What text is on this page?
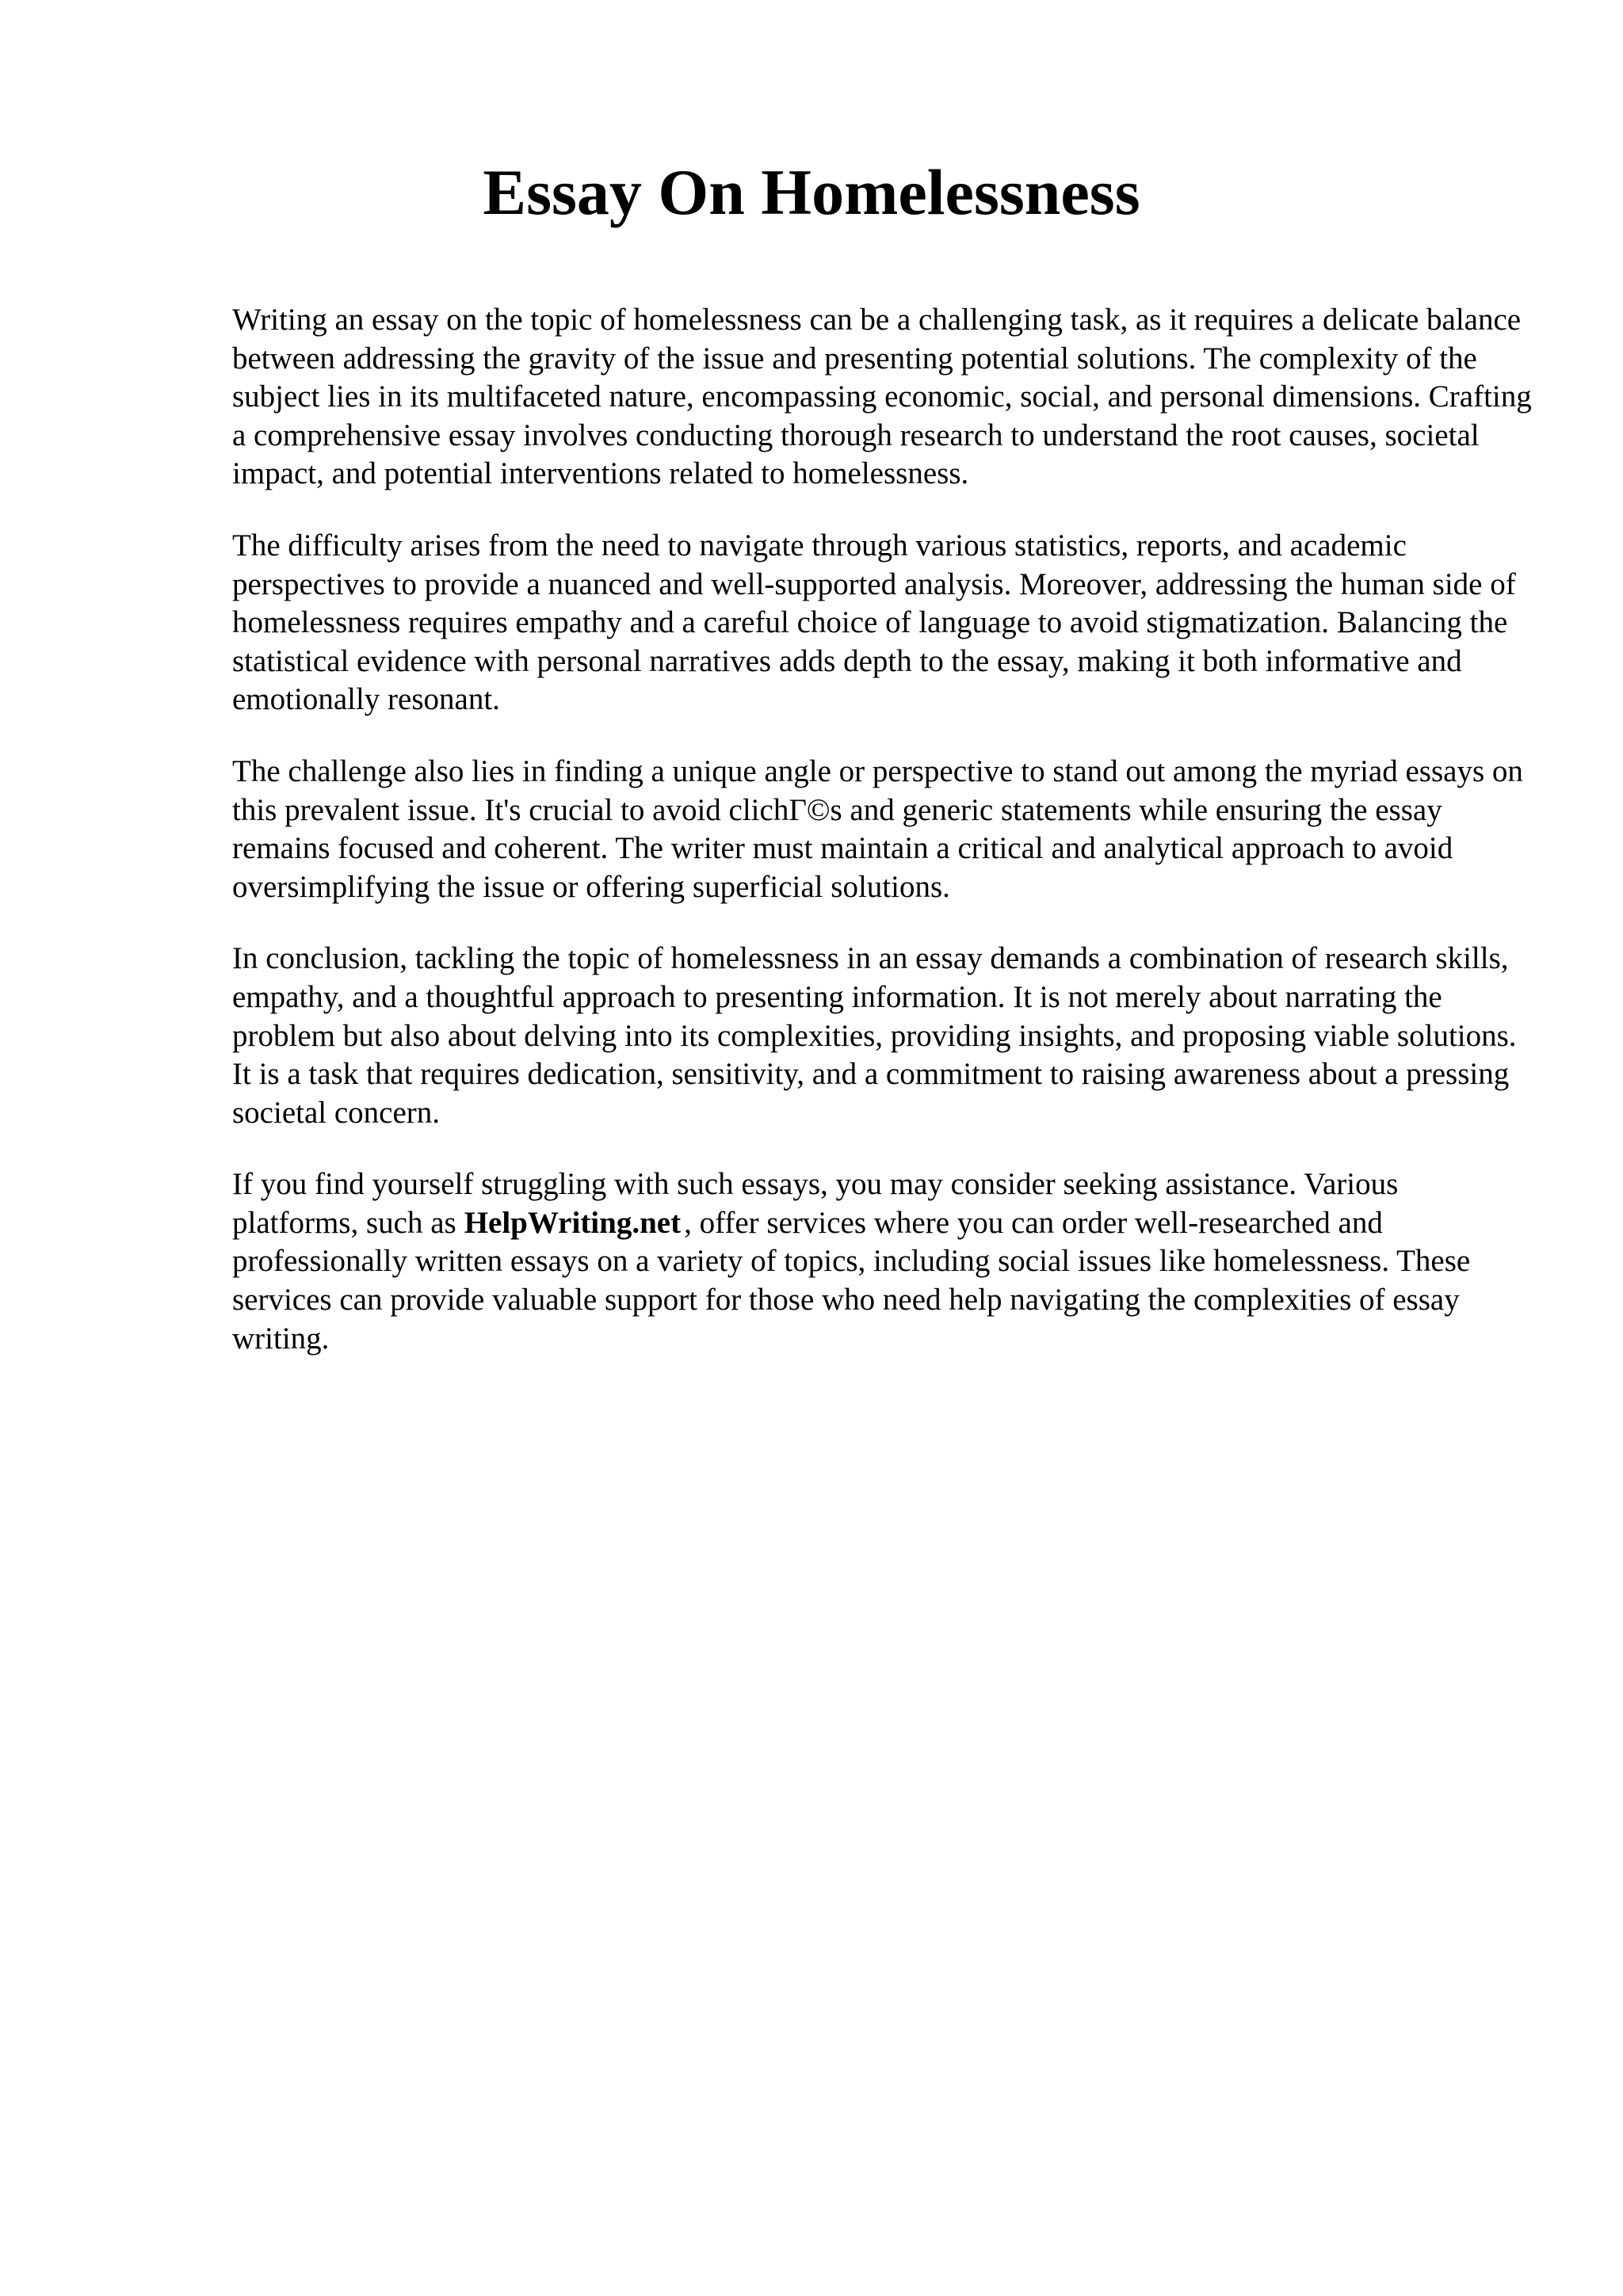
Essay On Homelessness

Writing an essay on the topic of homelessness can be a challenging task, as it requires a delicate balance between addressing the gravity of the issue and presenting potential solutions. The complexity of the subject lies in its multifaceted nature, encompassing economic, social, and personal dimensions. Crafting a comprehensive essay involves conducting thorough research to understand the root causes, societal impact, and potential interventions related to homelessness.

The difficulty arises from the need to navigate through various statistics, reports, and academic perspectives to provide a nuanced and well-supported analysis. Moreover, addressing the human side of homelessness requires empathy and a careful choice of language to avoid stigmatization. Balancing the statistical evidence with personal narratives adds depth to the essay, making it both informative and emotionally resonant.

The challenge also lies in finding a unique angle or perspective to stand out among the myriad essays on this prevalent issue. It's crucial to avoid clichΓ©s and generic statements while ensuring the essay remains focused and coherent. The writer must maintain a critical and analytical approach to avoid oversimplifying the issue or offering superficial solutions.

In conclusion, tackling the topic of homelessness in an essay demands a combination of research skills, empathy, and a thoughtful approach to presenting information. It is not merely about narrating the problem but also about delving into its complexities, providing insights, and proposing viable solutions. It is a task that requires dedication, sensitivity, and a commitment to raising awareness about a pressing societal concern.

If you find yourself struggling with such essays, you may consider seeking assistance. Various platforms, such as HelpWriting.net , offer services where you can order well-researched and professionally written essays on a variety of topics, including social issues like homelessness. These services can provide valuable support for those who need help navigating the complexities of essay writing.
